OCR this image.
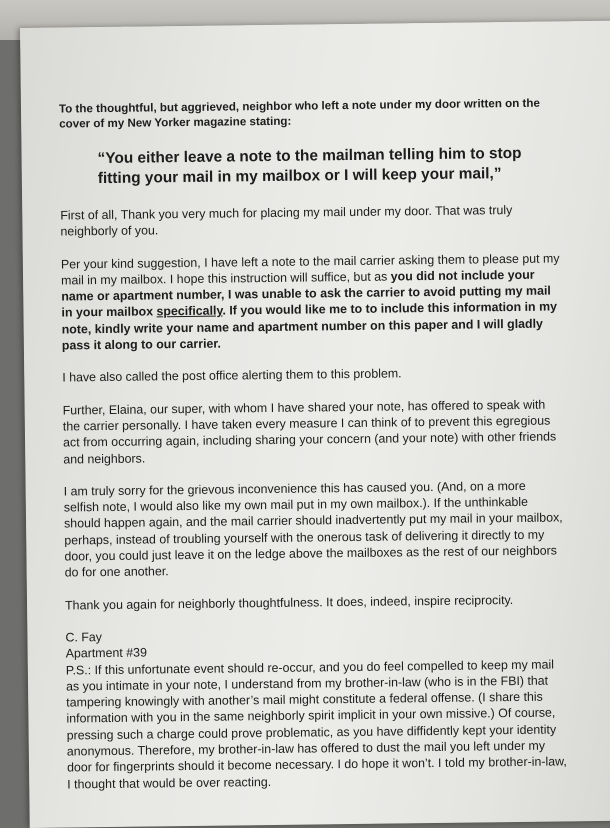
To the thoughtful, but aggrieved, neighbor who left a note under my door written on the cover of my New Yorker magazine stating:

“You either leave a note to the mailman telling him to stop fitting your mail in my mailbox or I will keep your mail,”

First of all, Thank you very much for placing my mail under my door. That was truly neighborly of you.

Per your kind suggestion, I have left a note to the mail carrier asking them to please put my mail in my mailbox. I hope this instruction will suffice, but as you did not include your name or apartment number, I was unable to ask the carrier to avoid putting my mail in your mailbox specifically. If you would like me to to include this information in my note, kindly write your name and apartment number on this paper and I will gladly pass it along to our carrier.

I have also called the post office alerting them to this problem.

Further, Elaina, our super, with whom I have shared your note, has offered to speak with the carrier personally. I have taken every measure I can think of to prevent this egregious act from occurring again, including sharing your concern (and your note) with other friends and neighbors.

I am truly sorry for the grievous inconvenience this has caused you. (And, on a more selfish note, I would also like my own mail put in my own mailbox.). If the unthinkable should happen again, and the mail carrier should inadvertently put my mail in your mailbox, perhaps, instead of troubling yourself with the onerous task of delivering it directly to my door, you could just leave it on the ledge above the mailboxes as the rest of our neighbors do for one another.

Thank you again for neighborly thoughtfulness. It does, indeed, inspire reciprocity.

C. Fay

Apartment #39

P.S.: If this unfortunate event should re-occur, and you do feel compelled to keep my mail as you intimate in your note, I understand from my brother-in-law (who is in the FBI) that tampering knowingly with another’s mail might constitute a federal offense. (I share this information with you in the same neighborly spirit implicit in your own missive.) Of course, pressing such a charge could prove problematic, as you have diffidently kept your identity anonymous. Therefore, my brother-in-law has offered to dust the mail you left under my door for fingerprints should it become necessary. I do hope it won’t. I told my brother-in-law, I thought that would be over reacting.
